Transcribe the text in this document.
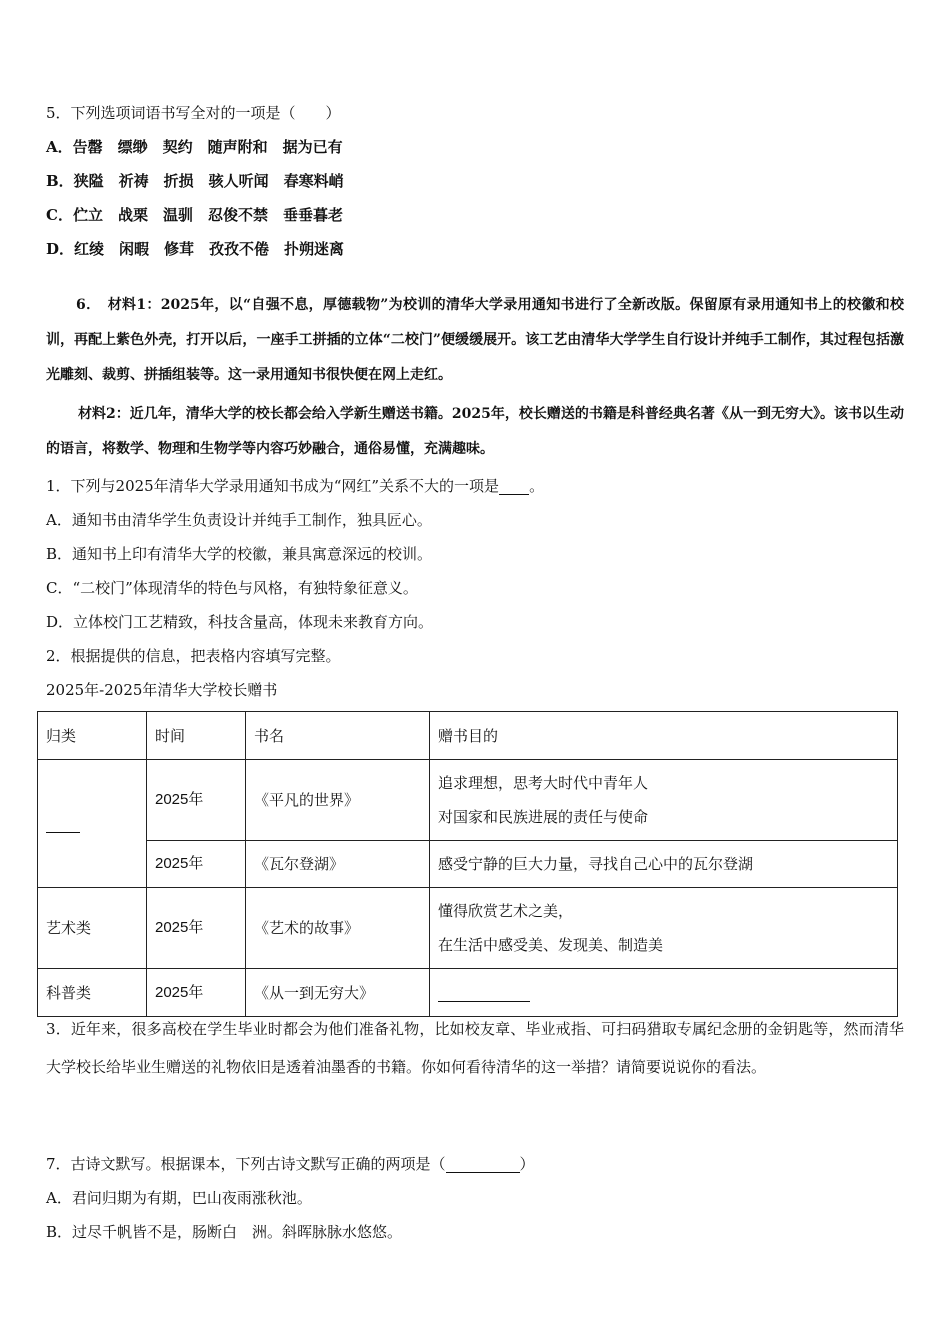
5．下列选项词语书写全对的一项是（　　）

A．告罄　缥缈　契约　随声附和　据为已有

B．狭隘　祈祷　折损　骇人听闻　春寒料峭

C．伫立　战栗　温驯　忍俊不禁　垂垂暮老

D．红绫　闲暇　修茸　孜孜不倦　扑朔迷离

6．　材料1：2025年，以“自强不息，厚德载物”为校训的清华大学录用通知书进行了全新改版。保留原有录用通知书上的校徽和校训，再配上紫色外壳，打开以后，一座手工拼插的立体“二校门”便缓缓展开。该工艺由清华大学学生自行设计并纯手工制作，其过程包括激光雕刻、裁剪、拼插组装等。这一录用通知书很快便在网上走红。

材料2：近几年，清华大学的校长都会给入学新生赠送书籍。2025年，校长赠送的书籍是科普经典名著《从一到无穷大》。该书以生动的语言，将数学、物理和生物学等内容巧妙融合，通俗易懂，充满趣味。

1．下列与2025年清华大学录用通知书成为“网红”关系不大的一项是 。

A．通知书由清华学生负责设计并纯手工制作，独具匠心。

B．通知书上印有清华大学的校徽，兼具寓意深远的校训。

C．“二校门”体现清华的特色与风格，有独特象征意义。

D．立体校门工艺精致，科技含量高，体现未来教育方向。

2．根据提供的信息，把表格内容填写完整。

2025年-2025年清华大学校长赠书

归类	时间	书名	赠书目的
	2025年	《平凡的世界》	追求理想，思考大时代中青年人
对国家和民族进展的责任与使命

	2025年	《瓦尔登湖》	感受宁静的巨大力量，寻找自己心中的瓦尔登湖
艺术类	2025年	《艺术的故事》	懂得欣赏艺术之美，
在生活中感受美、发现美、制造美

科普类	2025年	《从一到无穷大》	

3．近年来，很多高校在学生毕业时都会为他们准备礼物，比如校友章、毕业戒指、可扫码猎取专属纪念册的金钥匙等，然而清华大学校长给毕业生赠送的礼物依旧是透着油墨香的书籍。你如何看待清华的这一举措？请简要说说你的看法。

7．古诗文默写。根据课本，下列古诗文默写正确的两项是（	）

A．君问归期为有期，巴山夜雨涨秋池。

B．过尽千帆皆不是，肠断白　洲。斜晖脉脉水悠悠。
